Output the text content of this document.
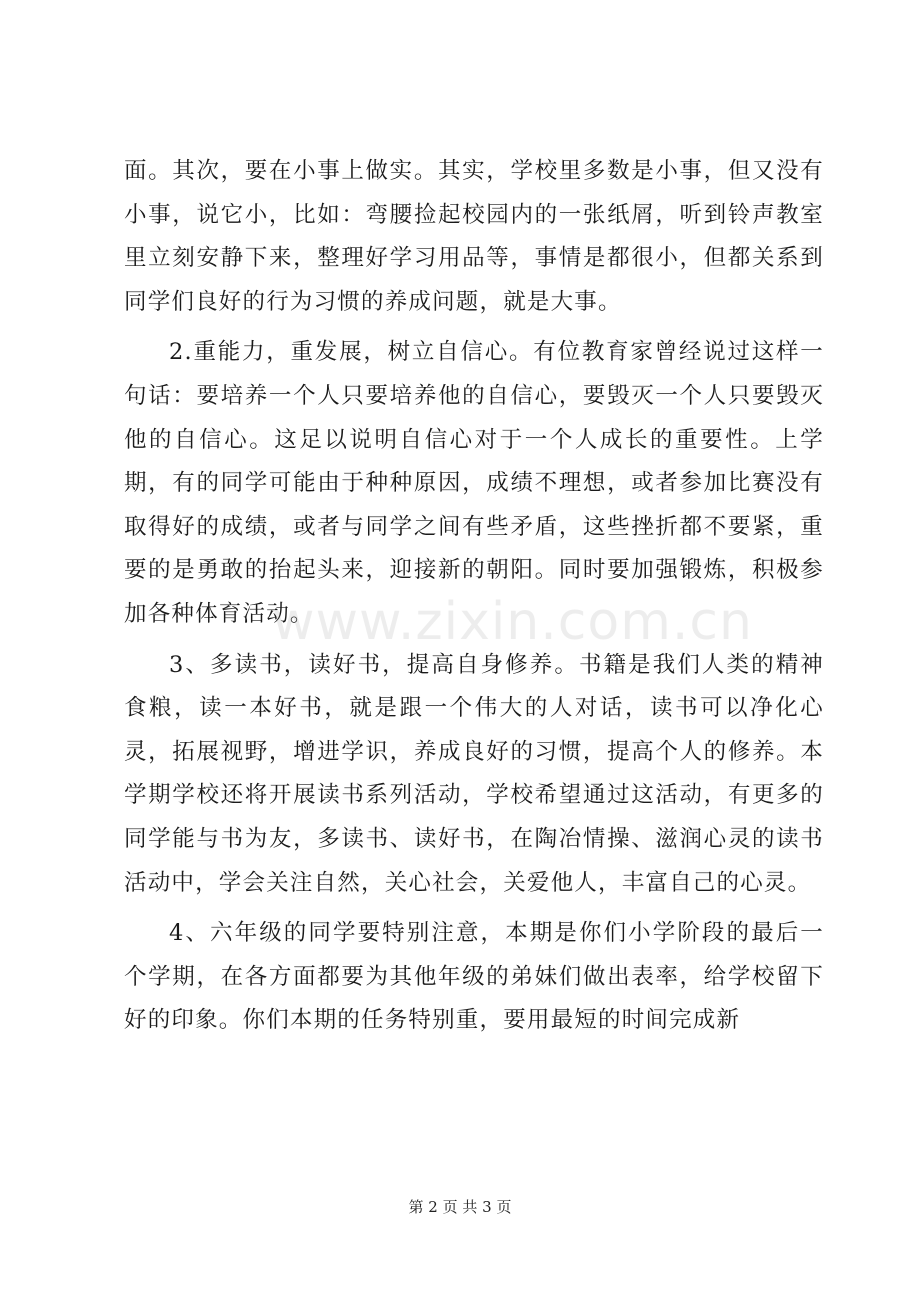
面。其次，要在小事上做实。其实，学校里多数是小事，但又没有小事，说它小，比如：弯腰捡起校园内的一张纸屑，听到铃声教室里立刻安静下来，整理好学习用品等，事情是都很小，但都关系到同学们良好的行为习惯的养成问题，就是大事。

2.重能力，重发展，树立自信心。有位教育家曾经说过这样一句话：要培养一个人只要培养他的自信心，要毁灭一个人只要毁灭他的自信心。这足以说明自信心对于一个人成长的重要性。上学期，有的同学可能由于种种原因，成绩不理想，或者参加比赛没有取得好的成绩，或者与同学之间有些矛盾，这些挫折都不要紧，重要的是勇敢的抬起头来，迎接新的朝阳。同时要加强锻炼，积极参加各种体育活动。

3、多读书，读好书，提高自身修养。书籍是我们人类的精神食粮，读一本好书，就是跟一个伟大的人对话，读书可以净化心灵，拓展视野，增进学识，养成良好的习惯，提高个人的修养。本学期学校还将开展读书系列活动，学校希望通过这活动，有更多的同学能与书为友，多读书、读好书，在陶冶情操、滋润心灵的读书活动中，学会关注自然，关心社会，关爱他人，丰富自己的心灵。

4、六年级的同学要特别注意，本期是你们小学阶段的最后一个学期，在各方面都要为其他年级的弟妹们做出表率，给学校留下好的印象。你们本期的任务特别重，要用最短的时间完成新

www.zixin.com.cn
第 2 页 共 3 页
